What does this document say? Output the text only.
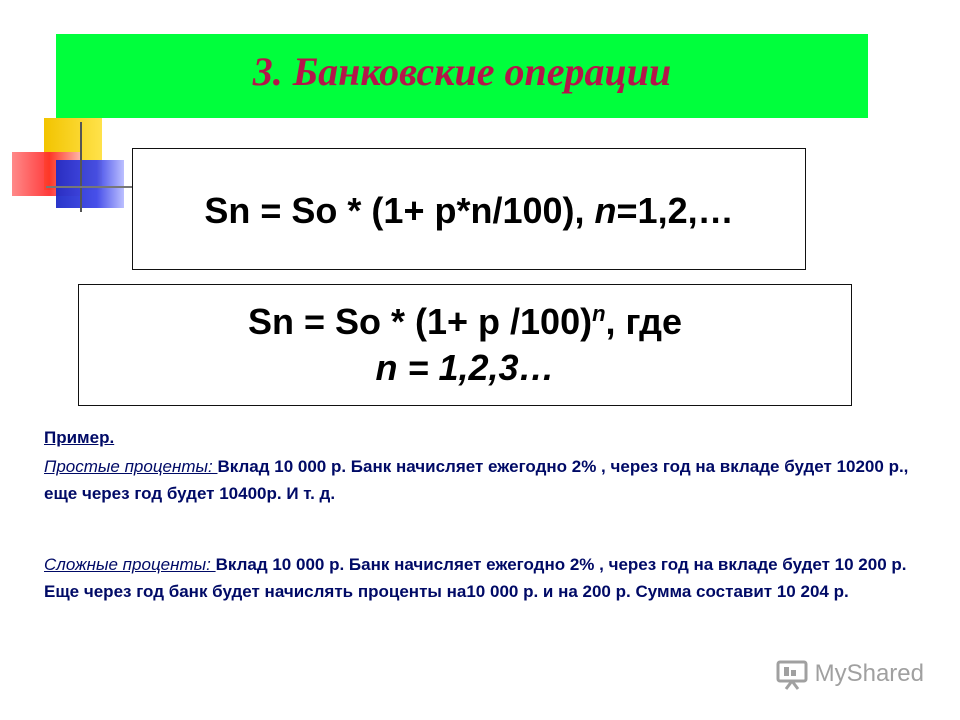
3. Банковские операции
Sn = So * (1+ p*n/100), n=1,2,…
Sn = So * (1+ p /100)$^n$, где
n = 1,2,3…
Пример.
Простые проценты: Вклад 10 000 р. Банк начисляет ежегодно 2% , через год на вкладе будет 10200 р., еще через год будет 10400р. И т. д.
Сложные проценты: Вклад 10 000 р. Банк начисляет ежегодно 2% , через год на вкладе будет 10 200 р. Еще через год банк будет начислять проценты на10 000 р. и на 200 р. Сумма составит 10 204 р.
MyShared
